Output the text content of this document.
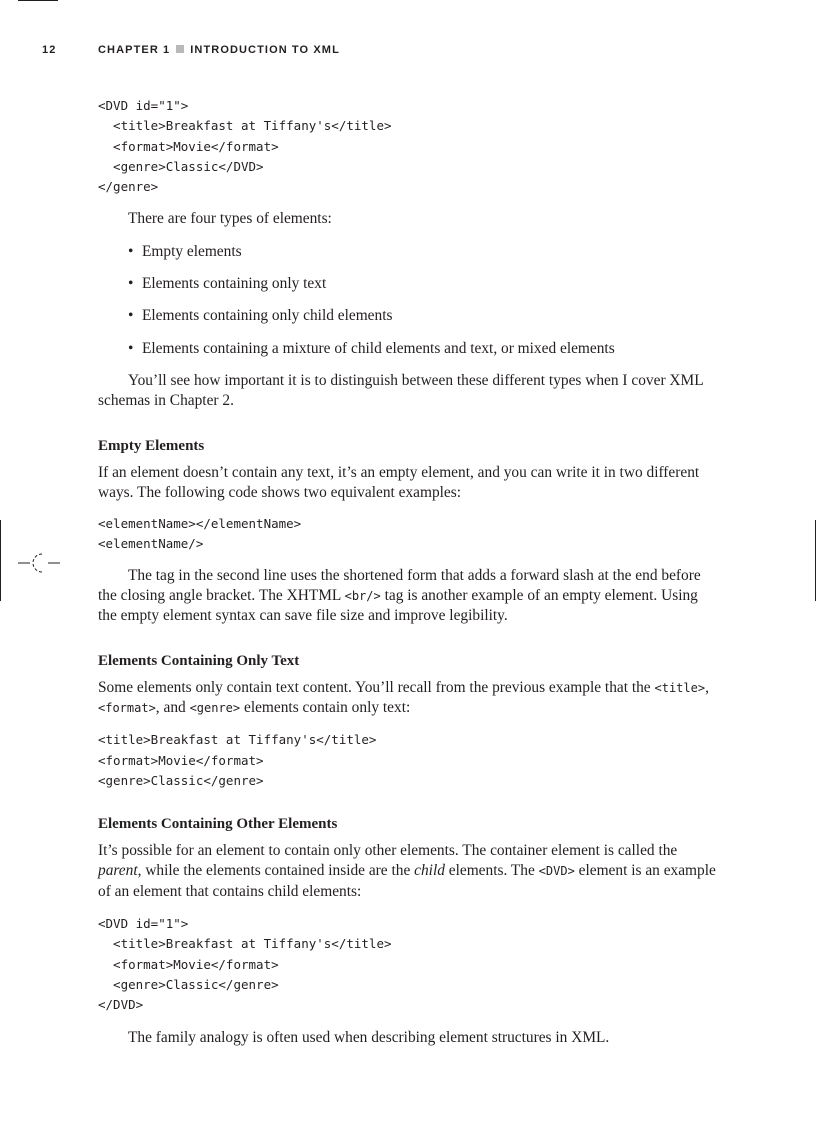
12	CHAPTER 1 INTRODUCTION TO XML
<DVD id="1">
<title>Breakfast at Tiffany's</title>
<format>Movie</format>
<genre>Classic</DVD>
</genre>

There are four types of elements:

• Empty elements
• Elements containing only text
• Elements containing only child elements
• Elements containing a mixture of child elements and text, or mixed elements

You’ll see how important it is to distinguish between these different types when I cover XML schemas in Chapter 2.

Empty Elements

If an element doesn’t contain any text, it’s an empty element, and you can write it in two different ways. The following code shows two equivalent examples:

<elementName></elementName>
<elementName/>

The tag in the second line uses the shortened form that adds a forward slash at the end before the closing angle bracket. The XHTML <br/> tag is another example of an empty element. Using the empty element syntax can save file size and improve legibility.

Elements Containing Only Text

Some elements only contain text content. You’ll recall from the previous example that the <title>, <format>, and <genre> elements contain only text:

<title>Breakfast at Tiffany's</title>
<format>Movie</format>
<genre>Classic</genre>
Elements Containing Other Elements

It’s possible for an element to contain only other elements. The container element is called the parent, while the elements contained inside are the child elements. The <DVD> element is an example of an element that contains child elements:

<DVD id="1">
<title>Breakfast at Tiffany's</title>
<format>Movie</format>
<genre>Classic</genre>
</DVD>

The family analogy is often used when describing element structures in XML.
